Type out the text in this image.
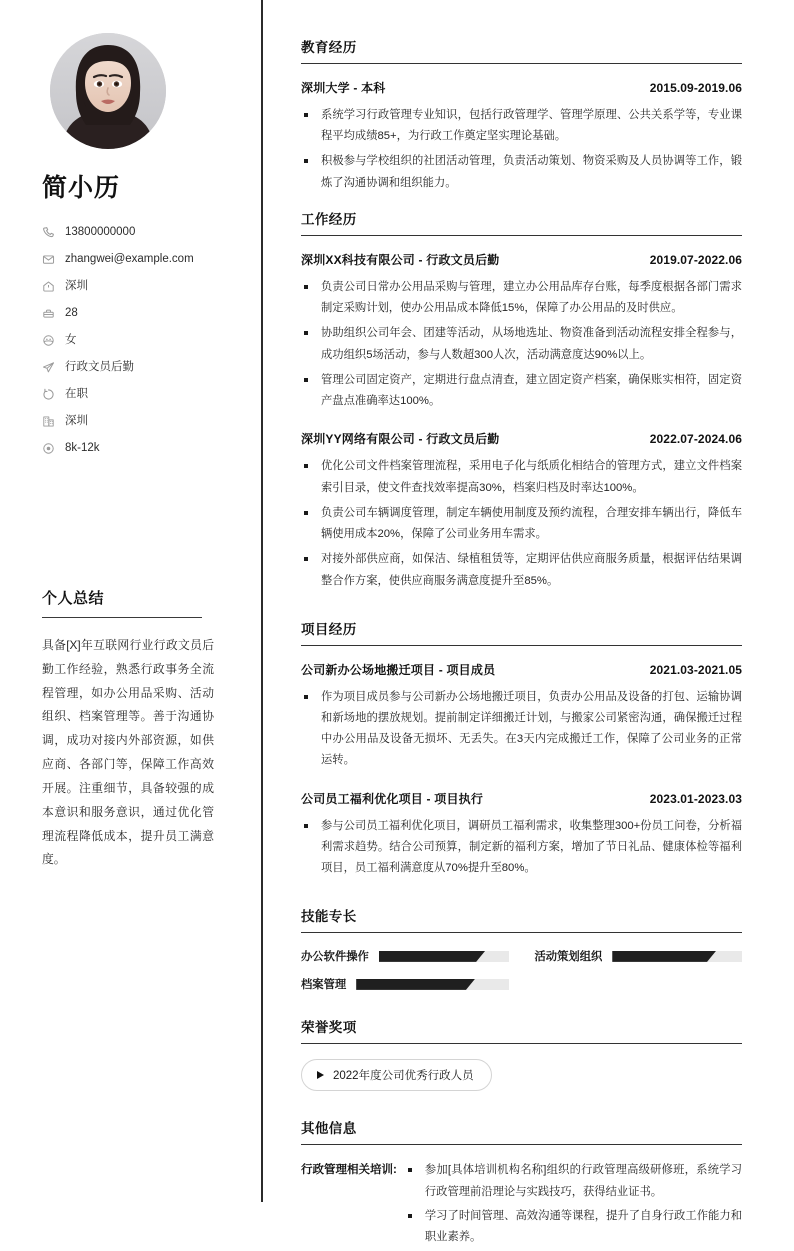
简小历
13800000000
zhangwei@example.com
深圳
28
女
行政文员后勤
在职
深圳
8k-12k
个人总结

具备[X]年互联网行业行政文员后勤工作经验，熟悉行政事务全流程管理，如办公用品采购、活动组织、档案管理等。善于沟通协调，成功对接内外部资源，如供应商、各部门等，保障工作高效开展。注重细节，具备较强的成本意识和服务意识，通过优化管理流程降低成本，提升员工满意度。

教育经历
深圳大学 - 本科	2015.09-2019.06
系统学习行政管理专业知识，包括行政管理学、管理学原理、公共关系学等，专业课程平均成绩85+，为行政工作奠定坚实理论基础。
积极参与学校组织的社团活动管理，负责活动策划、物资采购及人员协调等工作，锻炼了沟通协调和组织能力。
工作经历
深圳XX科技有限公司 - 行政文员后勤	2019.07-2022.06
负责公司日常办公用品采购与管理，建立办公用品库存台账，每季度根据各部门需求制定采购计划，使办公用品成本降低15%，保障了办公用品的及时供应。
协助组织公司年会、团建等活动，从场地选址、物资准备到活动流程安排全程参与，成功组织5场活动，参与人数超300人次，活动满意度达90%以上。
管理公司固定资产，定期进行盘点清查，建立固定资产档案，确保账实相符，固定资产盘点准确率达100%。
深圳YY网络有限公司 - 行政文员后勤	2022.07-2024.06
优化公司文件档案管理流程，采用电子化与纸质化相结合的管理方式，建立文件档案索引目录，使文件查找效率提高30%，档案归档及时率达100%。
负责公司车辆调度管理，制定车辆使用制度及预约流程，合理安排车辆出行，降低车辆使用成本20%，保障了公司业务用车需求。
对接外部供应商，如保洁、绿植租赁等，定期评估供应商服务质量，根据评估结果调整合作方案，使供应商服务满意度提升至85%。
项目经历
公司新办公场地搬迁项目 - 项目成员	2021.03-2021.05
作为项目成员参与公司新办公场地搬迁项目，负责办公用品及设备的打包、运输协调和新场地的摆放规划。提前制定详细搬迁计划，与搬家公司紧密沟通，确保搬迁过程中办公用品及设备无损坏、无丢失。在3天内完成搬迁工作，保障了公司业务的正常运转。
公司员工福利优化项目 - 项目执行	2023.01-2023.03
参与公司员工福利优化项目，调研员工福利需求，收集整理300+份员工问卷，分析福利需求趋势。结合公司预算，制定新的福利方案，增加了节日礼品、健康体检等福利项目，员工福利满意度从70%提升至80%。
技能专长
办公软件操作	活动策划组织
档案管理
荣誉奖项
2022年度公司优秀行政人员
其他信息
行政管理相关培训:	参加[具体培训机构名称]组织的行政管理高级研修班，系统学习行政管理前沿理论与实践技巧，获得结业证书。
学习了时间管理、高效沟通等课程，提升了自身行政工作能力和职业素养。
